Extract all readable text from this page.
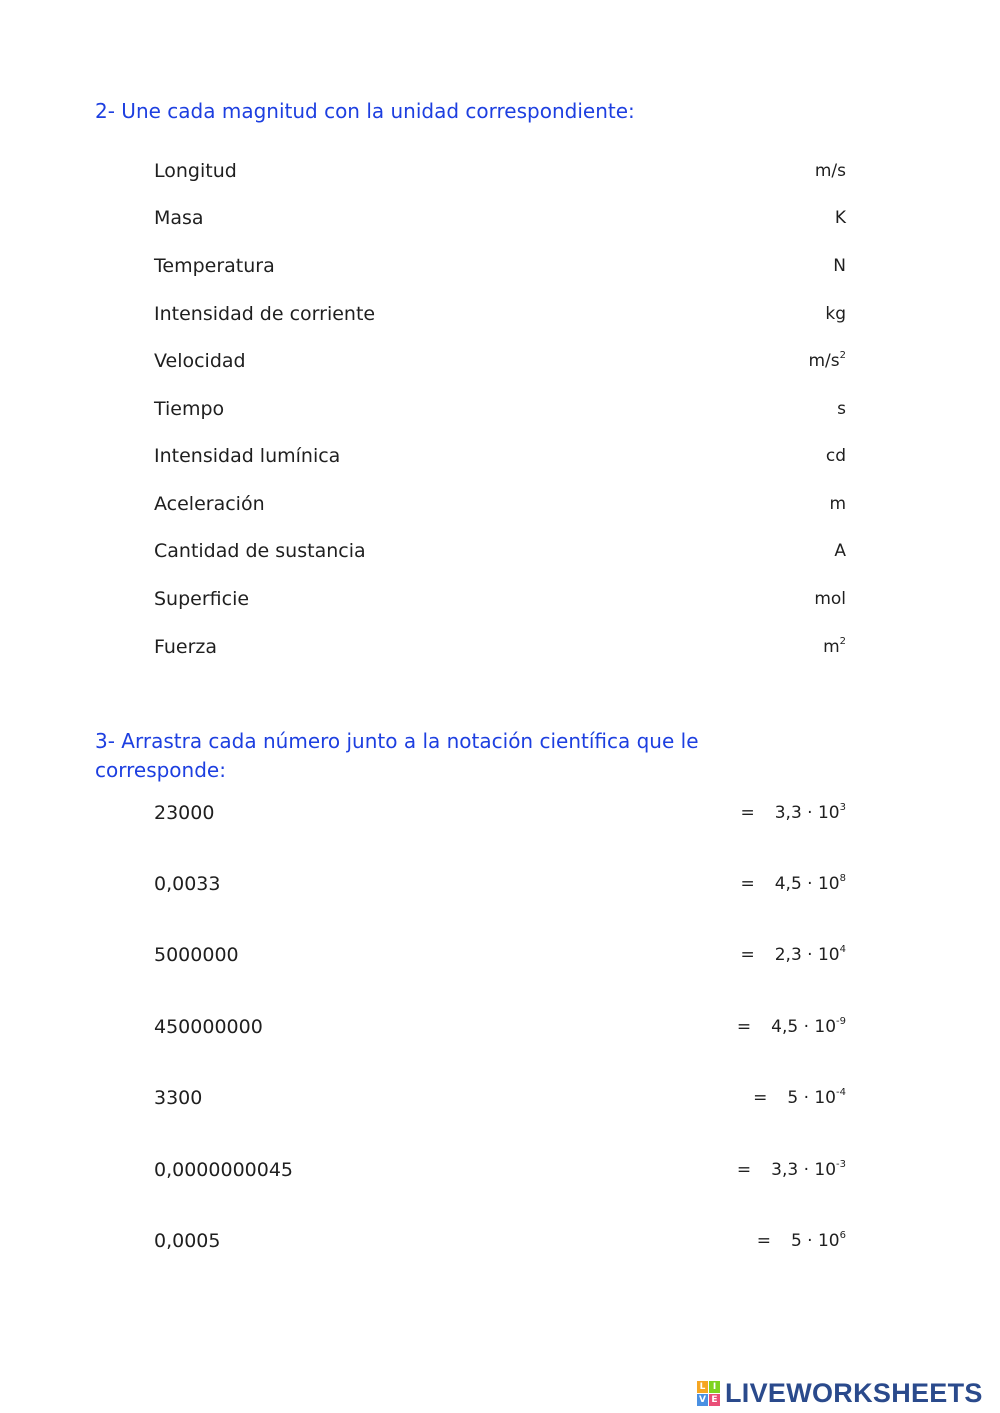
2- Une cada magnitud con la unidad correspondiente:
Longitud	m/s
Masa	K
Temperatura	N
Intensidad de corriente	kg
Velocidad	$m/s^2$
Tiempo	s
Intensidad lumínica	cd
Aceleración	m
Cantidad de sustancia	A
Superficie	mol
Fuerza	$m^2$
3- Arrastra cada número junto a la notación científica que le corresponde:
23000	= $3,3 \cdot 10^3$
0,0033	= $4,5 \cdot 10^8$
5000000	= $2,3 \cdot 10^4$
450000000	= $4,5 \cdot 10^{-9}$
3300	= $5 \cdot 10^{-4}$
0,0000000045	= $3,3 \cdot 10^{-3}$
0,0005	= $5 \cdot 10^6$
L I
V E LIVEWORKSHEETS
